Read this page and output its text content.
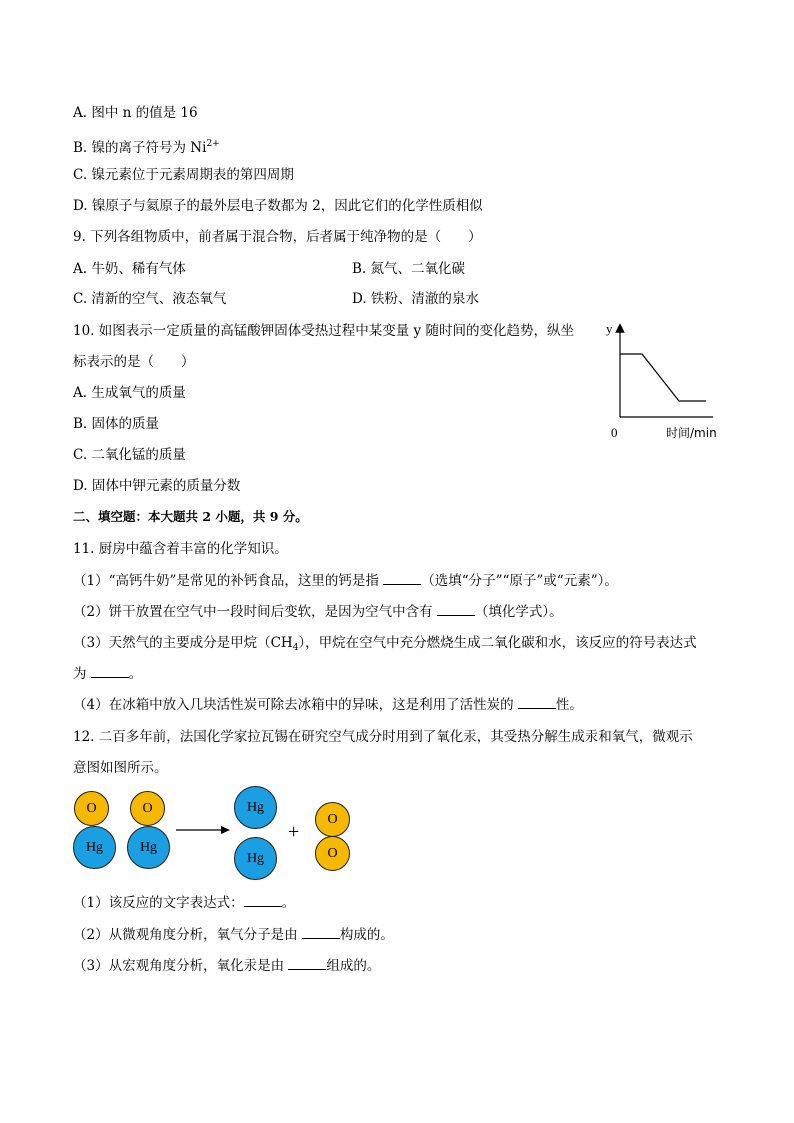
A. 图中 n 的值是 16
B. 镍的离子符号为 $Ni^{2+}$
C. 镍元素位于元素周期表的第四周期
D. 镍原子与氦原子的最外层电子数都为 2，因此它们的化学性质相似
9. 下列各组物质中，前者属于混合物，后者属于纯净物的是（　　）
A. 牛奶、稀有气体	B. 氮气、二氧化碳
C. 清新的空气、液态氧气	D. 铁粉、清澈的泉水
10. 如图表示一定质量的高锰酸钾固体受热过程中某变量 y 随时间的变化趋势，纵坐
标表示的是（　　）
A. 生成氧气的质量
B. 固体的质量
C. 二氧化锰的质量
D. 固体中钾元素的质量分数
y
0	时间/min
二、填空题：本大题共 2 小题，共 9 分。
11. 厨房中蕴含着丰富的化学知识。
（1）“高钙牛奶”是常见的补钙食品，这里的钙是指	（选填“分子”“原子”或“元素”）。
（2）饼干放置在空气中一段时间后变软，是因为空气中含有	（填化学式）。
（3）天然气的主要成分是甲烷$(CH_4)$，甲烷在空气中充分燃烧生成二氧化碳和水，该反应的符号表达式
为	。
（4）在冰箱中放入几块活性炭可除去冰箱中的异味，这是利用了活性炭的	性。
12. 二百多年前，法国化学家拉瓦锡在研究空气成分时用到了氧化汞，其受热分解生成汞和氧气，微观示
意图如图所示。
O
Hg
O
Hg
Hg
Hg
+
O
O
（1）该反应的文字表达式：	。
（2）从微观角度分析，氧气分子是由	构成的。
（3）从宏观角度分析，氧化汞是由	组成的。
